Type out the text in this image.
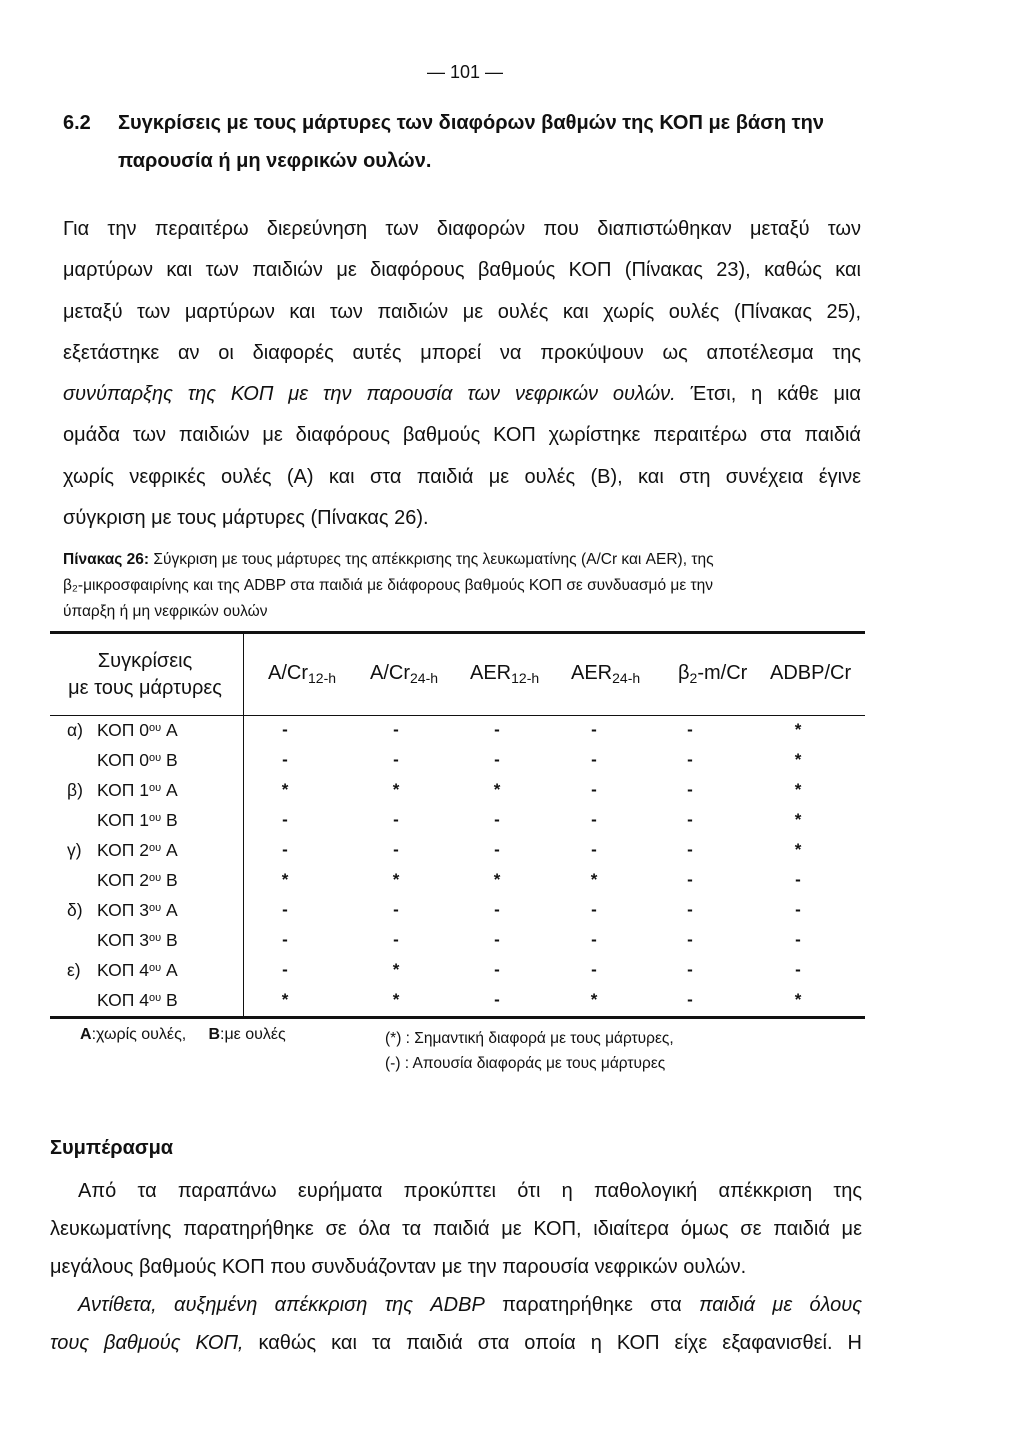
— 101 —
6.2	Συγκρίσεις με τους μάρτυρες των διαφόρων βαθμών της ΚΟΠ με βάση την
παρουσία ή μη νεφρικών ουλών.
Για την περαιτέρω διερεύνηση των διαφορών που διαπιστώθηκαν μεταξύ των
μαρτύρων και των παιδιών με διαφόρους βαθμούς ΚΟΠ (Πίνακας 23), καθώς και
μεταξύ των μαρτύρων και των παιδιών με ουλές και χωρίς ουλές (Πίνακας 25),
εξετάστηκε αν οι διαφορές αυτές μπορεί να προκύψουν ως αποτέλεσμα της
συνύπαρξης της ΚΟΠ με την παρουσία των νεφρικών ουλών. Έτσι, η κάθε μια
ομάδα των παιδιών με διαφόρους βαθμούς ΚΟΠ χωρίστηκε περαιτέρω στα παιδιά
χωρίς νεφρικές ουλές (Α) και στα παιδιά με ουλές (Β), και στη συνέχεια έγινε
σύγκριση με τους μάρτυρες (Πίνακας 26).
Πίνακας 26: Σύγκριση με τους μάρτυρες της απέκκρισης της λευκωματίνης (A/Cr και AER), της
β₂-μικροσφαιρίνης και της ADBP στα παιδιά με διάφορους βαθμούς ΚΟΠ σε συνδυασμό με την
ύπαρξη ή μη νεφρικών ουλών
Συγκρίσεις
με τους μάρτυρες
$A/Cr_{12-h}$ $A/Cr_{24-h}$ $AER_{12-h}$ $AER_{24-h}$ $\beta_2-m/Cr$ ADBP/Cr
α) ΚΟΠ $0^{o\upsilon}$ A	-	-	-	-	-	*
ΚΟΠ $0^{o\upsilon}$ B	-	-	-	-	-	*
β) ΚΟΠ $1^{o\upsilon}$ A	*	*	*	-	-	*
ΚΟΠ $1^{o\upsilon}$ B	-	-	-	-	-	*
γ) ΚΟΠ $2^{o\upsilon}$ A	-	-	-	-	-	*
ΚΟΠ $2^{o\upsilon}$ B	*	*	*	*	-	-
δ) ΚΟΠ $3^{o\upsilon}$ A	-	-	-	-	-	-
ΚΟΠ $3^{o\upsilon}$ B	-	-	-	-	-	-
ε) ΚΟΠ $4^{o\upsilon}$ A	-	*	-	-	-	-
ΚΟΠ $4^{o\upsilon}$ B	*	*	-	*	-	*
A:χωρίς ουλές, B:με ουλές	(*) : Σημαντική διαφορά με τους μάρτυρες,
(-) : Απουσία διαφοράς με τους μάρτυρες
Συμπέρασμα
Από τα παραπάνω ευρήματα προκύπτει ότι η παθολογική απέκκριση της
λευκωματίνης παρατηρήθηκε σε όλα τα παιδιά με ΚΟΠ, ιδιαίτερα όμως σε παιδιά με
μεγάλους βαθμούς ΚΟΠ που συνδυάζονταν με την παρουσία νεφρικών ουλών.
Αντίθετα, αυξημένη απέκκριση της ADBP παρατηρήθηκε στα παιδιά με όλους
τους βαθμούς ΚΟΠ, καθώς και τα παιδιά στα οποία η ΚΟΠ είχε εξαφανισθεί. Η
